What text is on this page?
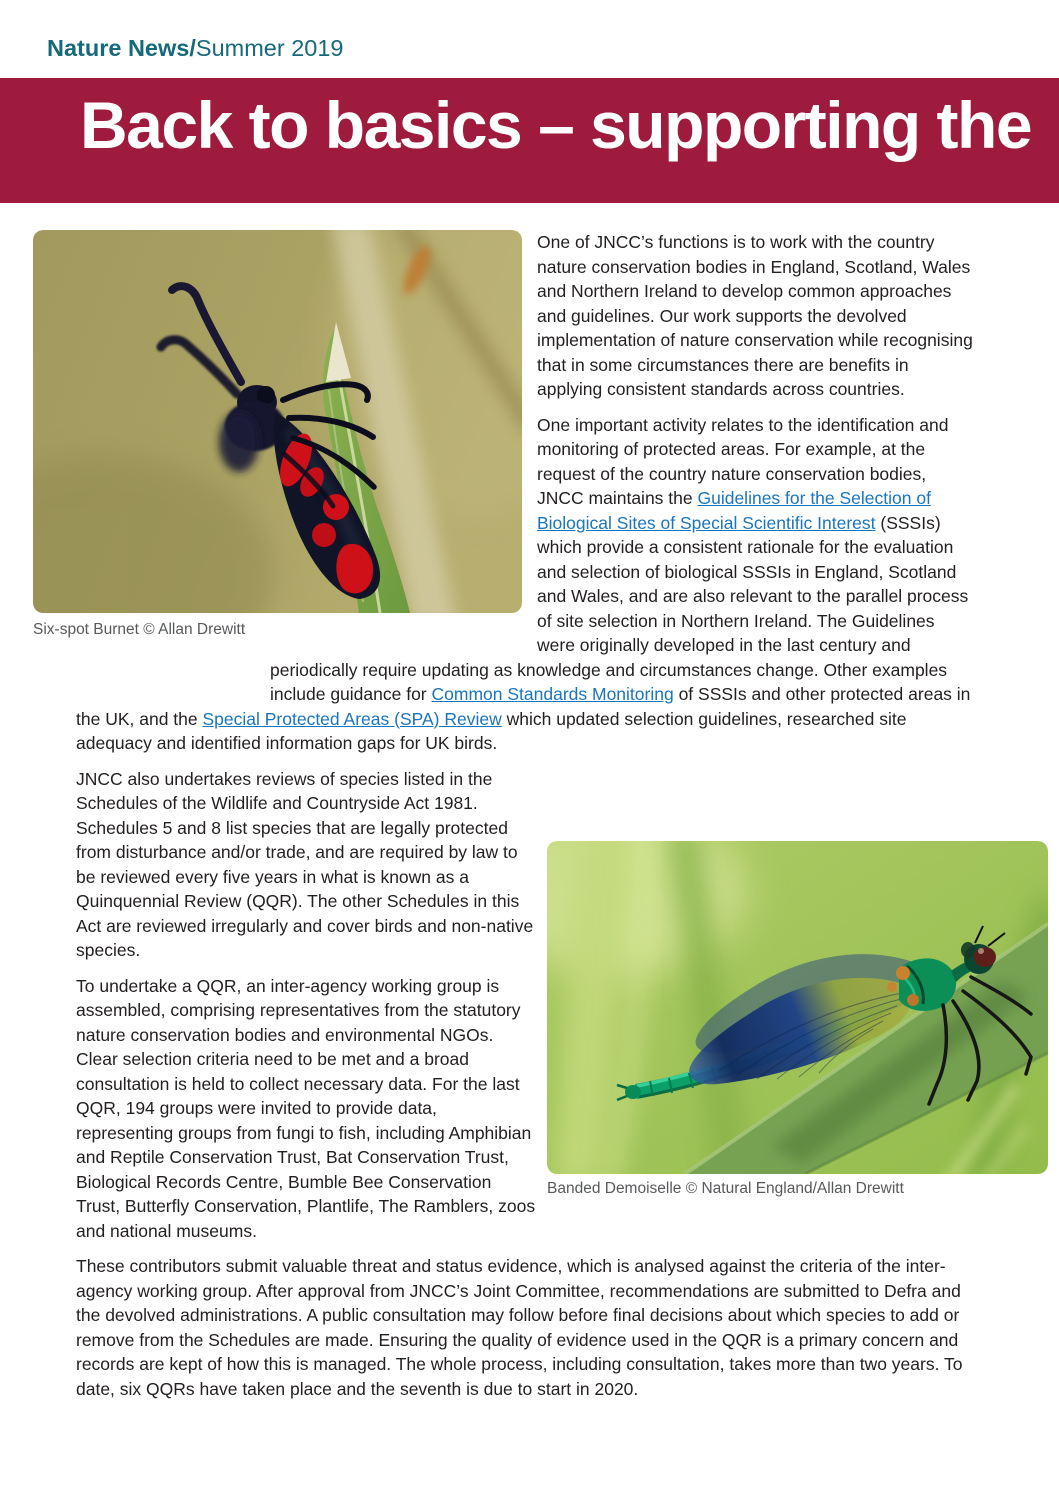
Nature News/Summer 2019
Back to basics – supporting the
Six-spot Burnet © Allan Drewitt

One of JNCC’s functions is to work with the country nature conservation bodies in England, Scotland, Wales and Northern Ireland to develop common approaches and guidelines. Our work supports the devolved implementation of nature conservation while recognising that in some circumstances there are benefits in applying consistent standards across countries.

One important activity relates to the identification and monitoring of protected areas. For example, at the request of the country nature conservation bodies, JNCC maintains the Guidelines for the Selection of Biological Sites of Special Scientific Interest (SSSIs) which provide a consistent rationale for the evaluation and selection of biological SSSIs in England, Scotland and Wales, and are also relevant to the parallel process of site selection in Northern Ireland. The Guidelines were originally developed in the last century and periodically require updating as knowledge and circumstances change. Other examples include guidance for Common Standards Monitoring of SSSIs and other protected areas in the UK, and the Special Protected Areas (SPA) Review which updated selection guidelines, researched site adequacy and identified information gaps for UK birds.

Banded Demoiselle © Natural England/Allan Drewitt

JNCC also undertakes reviews of species listed in the Schedules of the Wildlife and Countryside Act 1981. Schedules 5 and 8 list species that are legally protected from disturbance and/or trade, and are required by law to be reviewed every five years in what is known as a Quinquennial Review (QQR). The other Schedules in this Act are reviewed irregularly and cover birds and non-native species.

To undertake a QQR, an inter-agency working group is assembled, comprising representatives from the statutory nature conservation bodies and environmental NGOs. Clear selection criteria need to be met and a broad consultation is held to collect necessary data. For the last QQR, 194 groups were invited to provide data, representing groups from fungi to fish, including Amphibian and Reptile Conservation Trust, Bat Conservation Trust, Biological Records Centre, Bumble Bee Conservation Trust, Butterfly Conservation, Plantlife, The Ramblers, zoos and national museums.

These contributors submit valuable threat and status evidence, which is analysed against the criteria of the inter-agency working group. After approval from JNCC’s Joint Committee, recommendations are submitted to Defra and the devolved administrations. A public consultation may follow before final decisions about which species to add or remove from the Schedules are made. Ensuring the quality of evidence used in the QQR is a primary concern and records are kept of how this is managed. The whole process, including consultation, takes more than two years. To date, six QQRs have taken place and the seventh is due to start in 2020.
